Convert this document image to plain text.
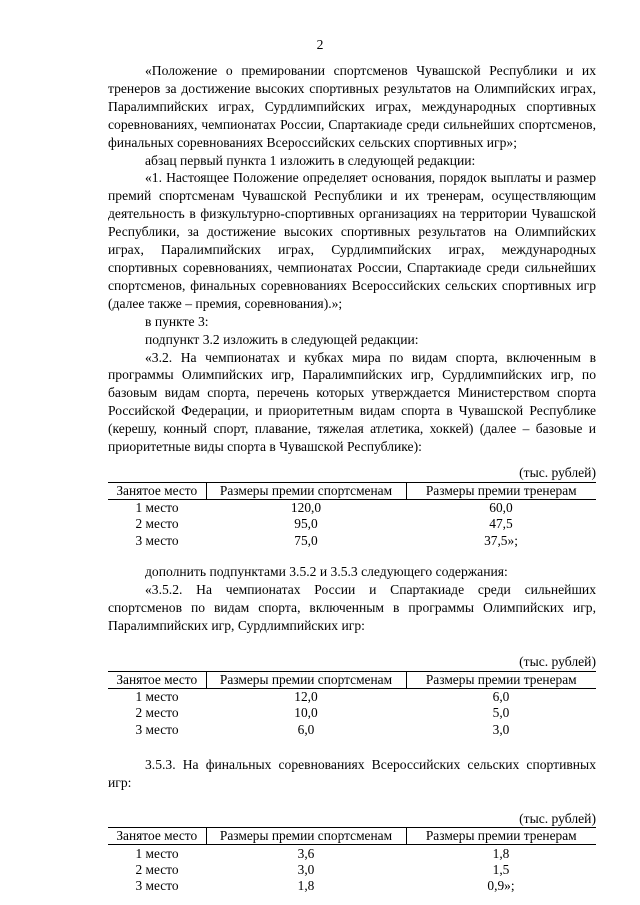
2

«Положение о премировании спортсменов Чувашской Республики и их тренеров за достижение высоких спортивных результатов на Олимпийских играх, Паралимпийских играх, Сурдлимпийских играх, международных спортивных соревнованиях, чемпионатах России, Спартакиаде среди сильнейших спортсменов, финальных соревнованиях Всероссийских сельских спортивных игр»;

абзац первый пункта 1 изложить в следующей редакции:

«1. Настоящее Положение определяет основания, порядок выплаты и размер премий спортсменам Чувашской Республики и их тренерам, осуществляющим деятельность в физкультурно-спортивных организациях на территории Чувашской Республики, за достижение высоких спортивных результатов на Олимпийских играх, Паралимпийских играх, Сурдлимпийских играх, международных спортивных соревнованиях, чемпионатах России, Спартакиаде среди сильнейших спортсменов, финальных соревнованиях Всероссийских сельских спортивных игр (далее также – премия, соревнования).»;

в пункте 3:

подпункт 3.2 изложить в следующей редакции:

«3.2. На чемпионатах и кубках мира по видам спорта, включенным в программы Олимпийских игр, Паралимпийских игр, Сурдлимпийских игр, по базовым видам спорта, перечень которых утверждается Министерством спорта Российской Федерации, и приоритетным видам спорта в Чувашской Республике (керешу, конный спорт, плавание, тяжелая атлетика, хоккей) (далее – базовые и приоритетные виды спорта в Чувашской Республике):

(тыс. рублей)

Занятое место	Размеры премии спортсменам	Размеры премии тренерам
1 место	120,0	60,0
2 место	95,0	47,5
3 место	75,0	37,5»;

дополнить подпунктами 3.5.2 и 3.5.3 следующего содержания:

«3.5.2. На чемпионатах России и Спартакиаде среди сильнейших спортсменов по видам спорта, включенным в программы Олимпийских игр, Паралимпийских игр, Сурдлимпийских игр:

(тыс. рублей)

Занятое место	Размеры премии спортсменам	Размеры премии тренерам
1 место	12,0	6,0
2 место	10,0	5,0
3 место	6,0	3,0

3.5.3. На финальных соревнованиях Всероссийских сельских спортивных игр:

(тыс. рублей)

Занятое место	Размеры премии спортсменам	Размеры премии тренерам
1 место	3,6	1,8
2 место	3,0	1,5
3 место	1,8	0,9»;
